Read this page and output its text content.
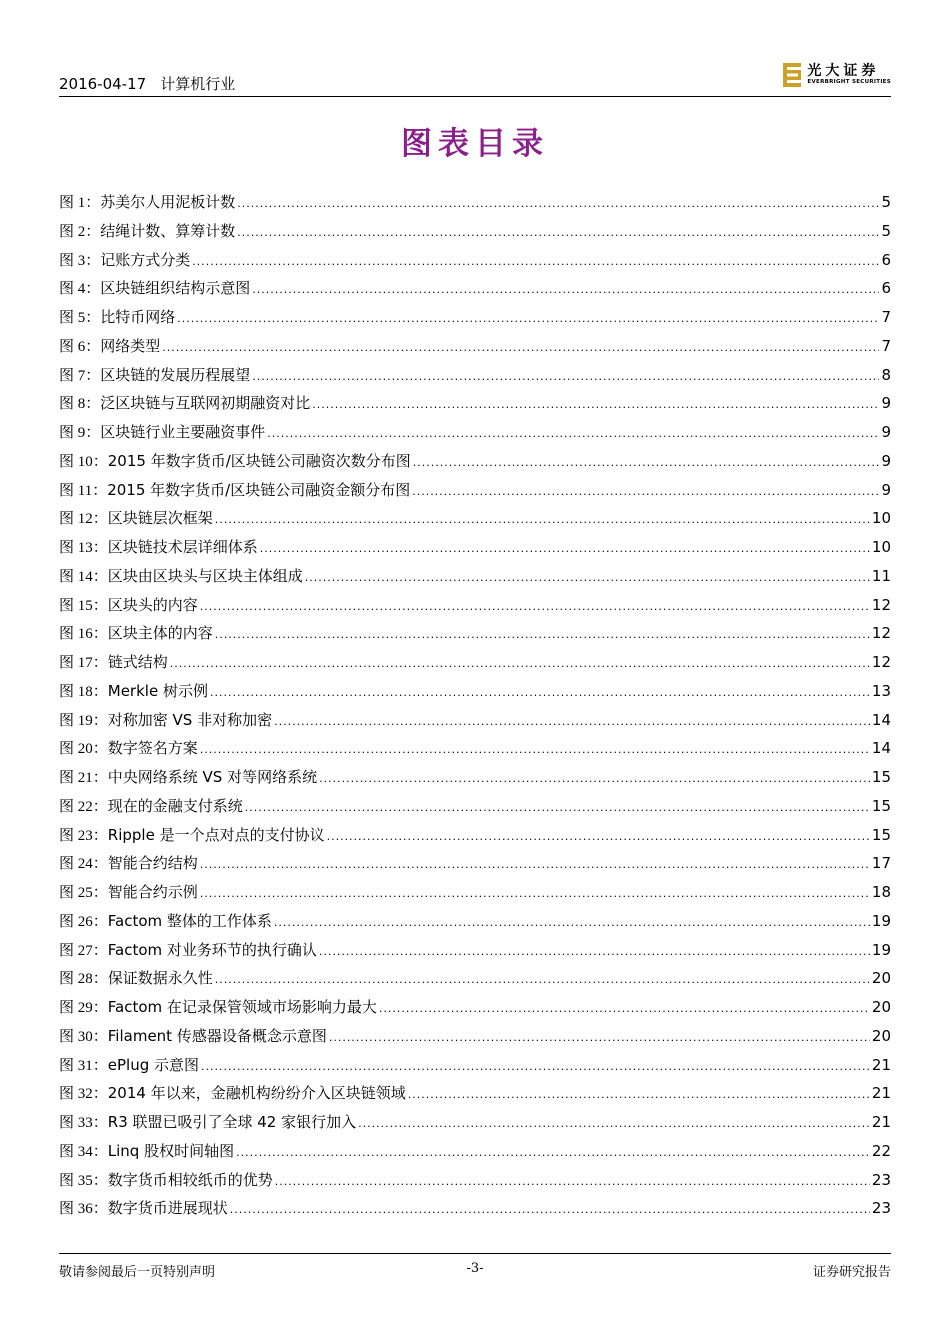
2016-04-17 计算机行业
光大证券
EVERBRIGHT SECURITIES
图表目录
图 1：苏美尔人用泥板计数 .....	5
图 2：结绳计数、算筹计数 .....	5
图 3：记账方式分类 .....	6
图 4：区块链组织结构示意图 .....	6
图 5：比特币网络 .....	7
图 6：网络类型 .....	7
图 7：区块链的发展历程展望 .....	8
图 8：泛区块链与互联网初期融资对比 .....	9
图 9：区块链行业主要融资事件 .....	9
图 10：2015 年数字货币/区块链公司融资次数分布图 .....	9
图 11：2015 年数字货币/区块链公司融资金额分布图 .....	9
图 12：区块链层次框架 .....	10
图 13：区块链技术层详细体系 .....	10
图 14：区块由区块头与区块主体组成 .....	11
图 15：区块头的内容 .....	12
图 16：区块主体的内容 .....	12
图 17：链式结构 .....	12
图 18：Merkle 树示例 .....	13
图 19：对称加密 VS 非对称加密 .....	14
图 20：数字签名方案 .....	14
图 21：中央网络系统 VS 对等网络系统 .....	15
图 22：现在的金融支付系统 .....	15
图 23：Ripple 是一个点对点的支付协议 .....	15
图 24：智能合约结构 .....	17
图 25：智能合约示例 .....	18
图 26：Factom 整体的工作体系 .....	19
图 27：Factom 对业务环节的执行确认 .....	19
图 28：保证数据永久性 .....	20
图 29：Factom 在记录保管领域市场影响力最大 .....	20
图 30：Filament 传感器设备概念示意图 .....	20
图 31：ePlug 示意图 .....	21
图 32：2014 年以来，金融机构纷纷介入区块链领域 .....	21
图 33：R3 联盟已吸引了全球 42 家银行加入 .....	21
图 34：Linq 股权时间轴图 .....	22
图 35：数字货币相较纸币的优势 .....	23
图 36：数字货币进展现状 .....	23
敬请参阅最后一页特别声明	-3-	证券研究报告
